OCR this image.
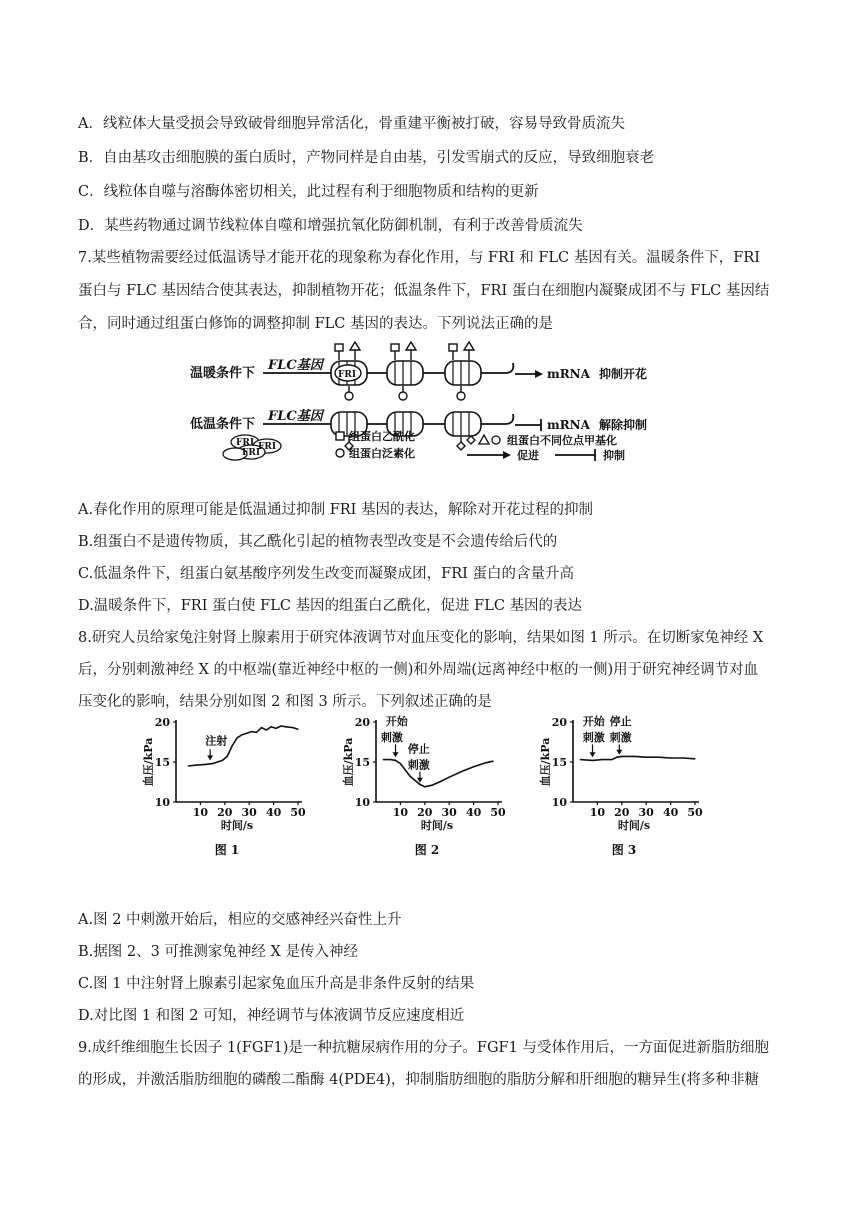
A．线粒体大量受损会导致破骨细胞异常活化，骨重建平衡被打破，容易导致骨质流失
B．自由基攻击细胞膜的蛋白质时，产物同样是自由基，引发雪崩式的反应，导致细胞衰老
C．线粒体自噬与溶酶体密切相关，此过程有利于细胞物质和结构的更新
D．某些药物通过调节线粒体自噬和增强抗氧化防御机制，有利于改善骨质流失
7.某些植物需要经过低温诱导才能开花的现象称为春化作用，与 FRI 和 FLC 基因有关。温暖条件下，FRI
蛋白与 FLC 基因结合使其表达，抑制植物开花；低温条件下，FRI 蛋白在细胞内凝聚成团不与 FLC 基因结
合，同时通过组蛋白修饰的调整抑制 FLC 基因的表达。下列说法正确的是
温暖条件下
低温条件下
FLC基因
FLC基因
mRNA 抑制开花
mRNA 解除抑制
FRI
FRI FRI
FRI
组蛋白乙酰化
组蛋白泛素化
组蛋白不同位点甲基化
促进	抑制
A.春化作用的原理可能是低温通过抑制 FRI 基因的表达，解除对开花过程的抑制
B.组蛋白不是遗传物质，其乙酰化引起的植物表型改变是不会遗传给后代的
C.低温条件下，组蛋白氨基酸序列发生改变而凝聚成团，FRI 蛋白的含量升高
D.温暖条件下，FRI 蛋白使 FLC 基因的组蛋白乙酰化，促进 FLC 基因的表达
8.研究人员给家兔注射肾上腺素用于研究体液调节对血压变化的影响，结果如图 1 所示。在切断家兔神经 X
后，分别刺激神经 X 的中枢端(靠近神经中枢的一侧)和外周端(远离神经中枢的一侧)用于研究神经调节对血
压变化的影响，结果分别如图 2 和图 3 所示。下列叙述正确的是
10
15
20
10 20 30 40 50
血压/kPa
时间/s
图 1
注射
10
15
20
10 20 30 40 50
血压/kPa
时间/s
图 2
开始
刺激
停止
刺激
10
15
20
10 20 30 40 50
血压/kPa
时间/s
图 3
开始
刺激
停止
刺激
A.图 2 中刺激开始后，相应的交感神经兴奋性上升
B.据图 2、3 可推测家兔神经 X 是传入神经
C.图 1 中注射肾上腺素引起家兔血压升高是非条件反射的结果
D.对比图 1 和图 2 可知，神经调节与体液调节反应速度相近
9.成纤维细胞生长因子 1(FGF1)是一种抗糖尿病作用的分子。FGF1 与受体作用后，一方面促进新脂肪细胞
的形成，并激活脂肪细胞的磷酸二酯酶 4(PDE4)，抑制脂肪细胞的脂肪分解和肝细胞的糖异生(将多种非糖
